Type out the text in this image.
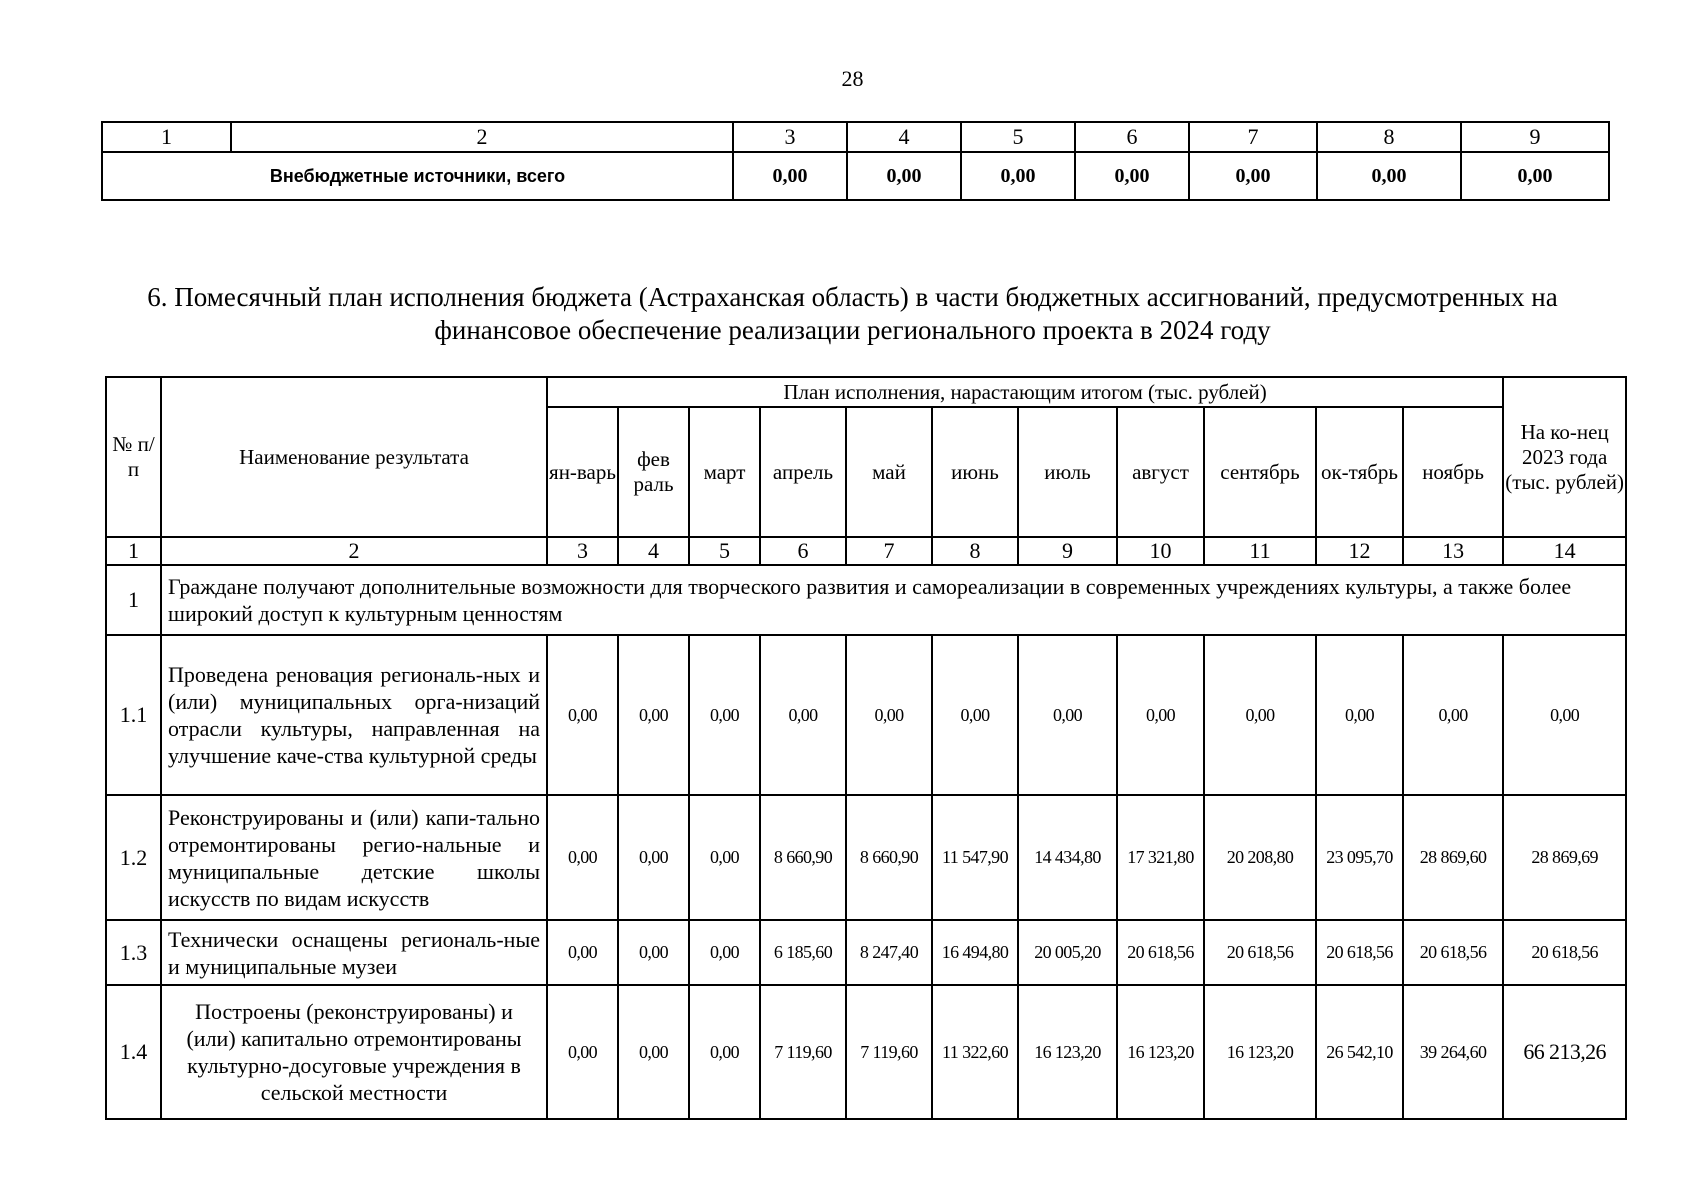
28
1	2	3	4	5	6	7	8	9
Внебюджетные источники, всего		0,00	0,00	0,00	0,00	0,00	0,00	0,00
6. Помесячный план исполнения бюджета (Астраханская область) в части бюджетных ассигнований, предусмотренных на финансовое обеспечение реализации регионального проекта в 2024 году
№ п/п	Наименование результата	План исполнения, нарастающим итогом (тыс. рублей)											На ко-нец 2023 года (тыс. рублей)
		ян-варь	фев раль	март	апрель	май	июнь	июль	август	сентябрь	ок-тябрь	ноябрь	
1	2	3	4	5	6	7	8	9	10	11	12	13	14
1	Граждане получают дополнительные возможности для творческого развития и самореализации в современных учреждениях культуры, а также более широкий доступ к культурным ценностям												
1.1	Проведена реновация региональ-ных и (или) муниципальных орга-низаций отрасли культуры, направленная на улучшение каче-ства культурной среды	0,00	0,00	0,00	0,00	0,00	0,00	0,00	0,00	0,00	0,00	0,00	0,00
1.2	Реконструированы и (или) капи-тально отремонтированы регио-нальные и муниципальные детские школы искусств по видам искусств	0,00	0,00	0,00	8 660,90	8 660,90	11 547,90	14 434,80	17 321,80	20 208,80	23 095,70	28 869,60	28 869,69
1.3	Технически оснащены региональ-ные и муниципальные музеи	0,00	0,00	0,00	6 185,60	8 247,40	16 494,80	20 005,20	20 618,56	20 618,56	20 618,56	20 618,56	20 618,56
1.4	Построены (реконструированы) и (или) капитально отремонтированы культурно-досуговые учреждения в сельской местности	0,00	0,00	0,00	7 119,60	7 119,60	11 322,60	16 123,20	16 123,20	16 123,20	26 542,10	39 264,60	66 213,26
